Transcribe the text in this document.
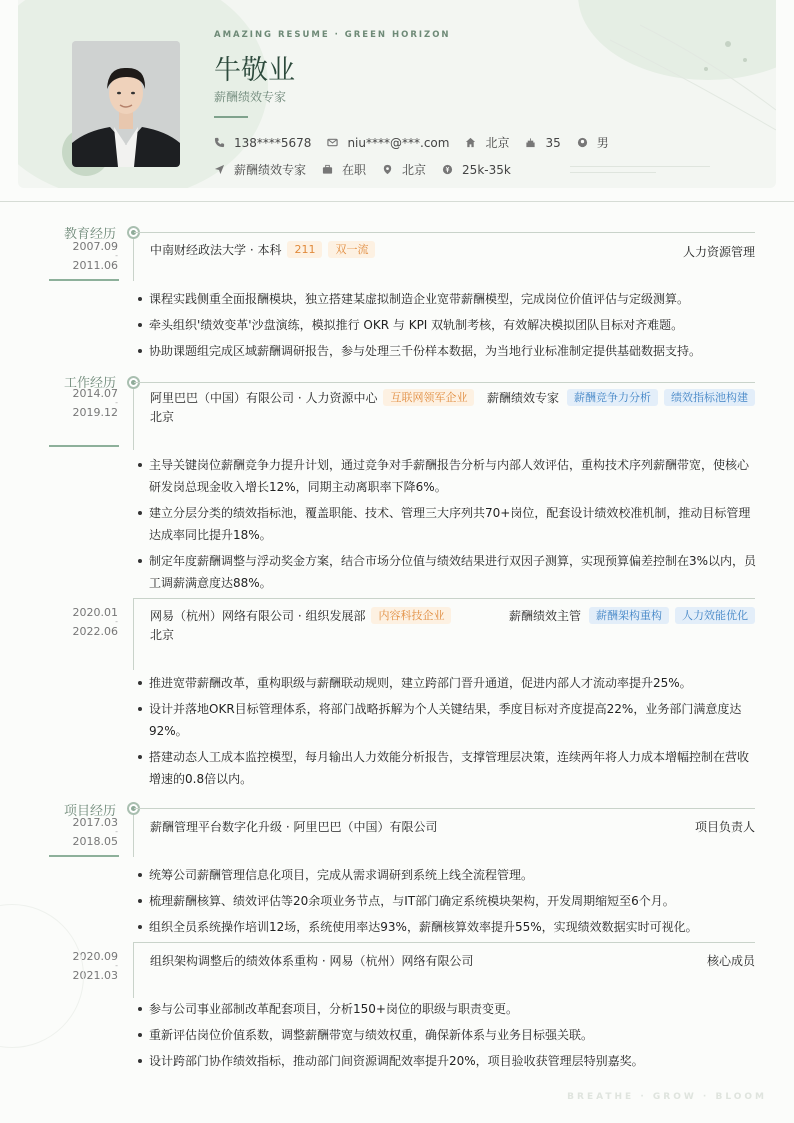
AMAZING RESUME · GREEN HORIZON
牛敬业
薪酬绩效专家
138****5678	niu****@***.com	北京	35	男
薪酬绩效专家	在职	北京	25k-35k
教育经历
2007.09
-
2011.06
中南财经政法大学 · 本科	211	双一流	人力资源管理
课程实践侧重全面报酬模块，独立搭建某虚拟制造企业宽带薪酬模型，完成岗位价值评估与定级测算。
牵头组织'绩效变革'沙盘演练，模拟推行 OKR 与 KPI 双轨制考核，有效解决模拟团队目标对齐难题。
协助课题组完成区域薪酬调研报告，参与处理三千份样本数据，为当地行业标准制定提供基础数据支持。
工作经历
2014.07
-
2019.12
阿里巴巴（中国）有限公司 · 人力资源中心	互联网领军企业	薪酬绩效专家	薪酬竞争力分析	绩效指标池构建
北京
主导关键岗位薪酬竞争力提升计划，通过竞争对手薪酬报告分析与内部人效评估，重构技术序列薪酬带宽，使核心研发岗总现金收入增长12%，同期主动离职率下降6%。
建立分层分类的绩效指标池，覆盖职能、技术、管理三大序列共70+岗位，配套设计绩效校准机制，推动目标管理达成率同比提升18%。
制定年度薪酬调整与浮动奖金方案，结合市场分位值与绩效结果进行双因子测算，实现预算偏差控制在3%以内，员工调薪满意度达88%。
2020.01
-
2022.06
网易（杭州）网络有限公司 · 组织发展部	内容科技企业	薪酬绩效主管	薪酬架构重构	人力效能优化
北京
推进宽带薪酬改革，重构职级与薪酬联动规则，建立跨部门晋升通道，促进内部人才流动率提升25%。
设计并落地OKR目标管理体系，将部门战略拆解为个人关键结果，季度目标对齐度提高22%，业务部门满意度达92%。
搭建动态人工成本监控模型，每月输出人力效能分析报告，支撑管理层决策，连续两年将人力成本增幅控制在营收增速的0.8倍以内。
项目经历
2017.03
-
2018.05
薪酬管理平台数字化升级 · 阿里巴巴（中国）有限公司	项目负责人
统筹公司薪酬管理信息化项目，完成从需求调研到系统上线全流程管理。
梳理薪酬核算、绩效评估等20余项业务节点，与IT部门确定系统模块架构，开发周期缩短至6个月。
组织全员系统操作培训12场，系统使用率达93%，薪酬核算效率提升55%，实现绩效数据实时可视化。
2020.09
-
2021.03
组织架构调整后的绩效体系重构 · 网易（杭州）网络有限公司	核心成员
参与公司事业部制改革配套项目，分析150+岗位的职级与职责变更。
重新评估岗位价值系数，调整薪酬带宽与绩效权重，确保新体系与业务目标强关联。
设计跨部门协作绩效指标，推动部门间资源调配效率提升20%，项目验收获管理层特别嘉奖。
BREATHE · GROW · BLOOM
